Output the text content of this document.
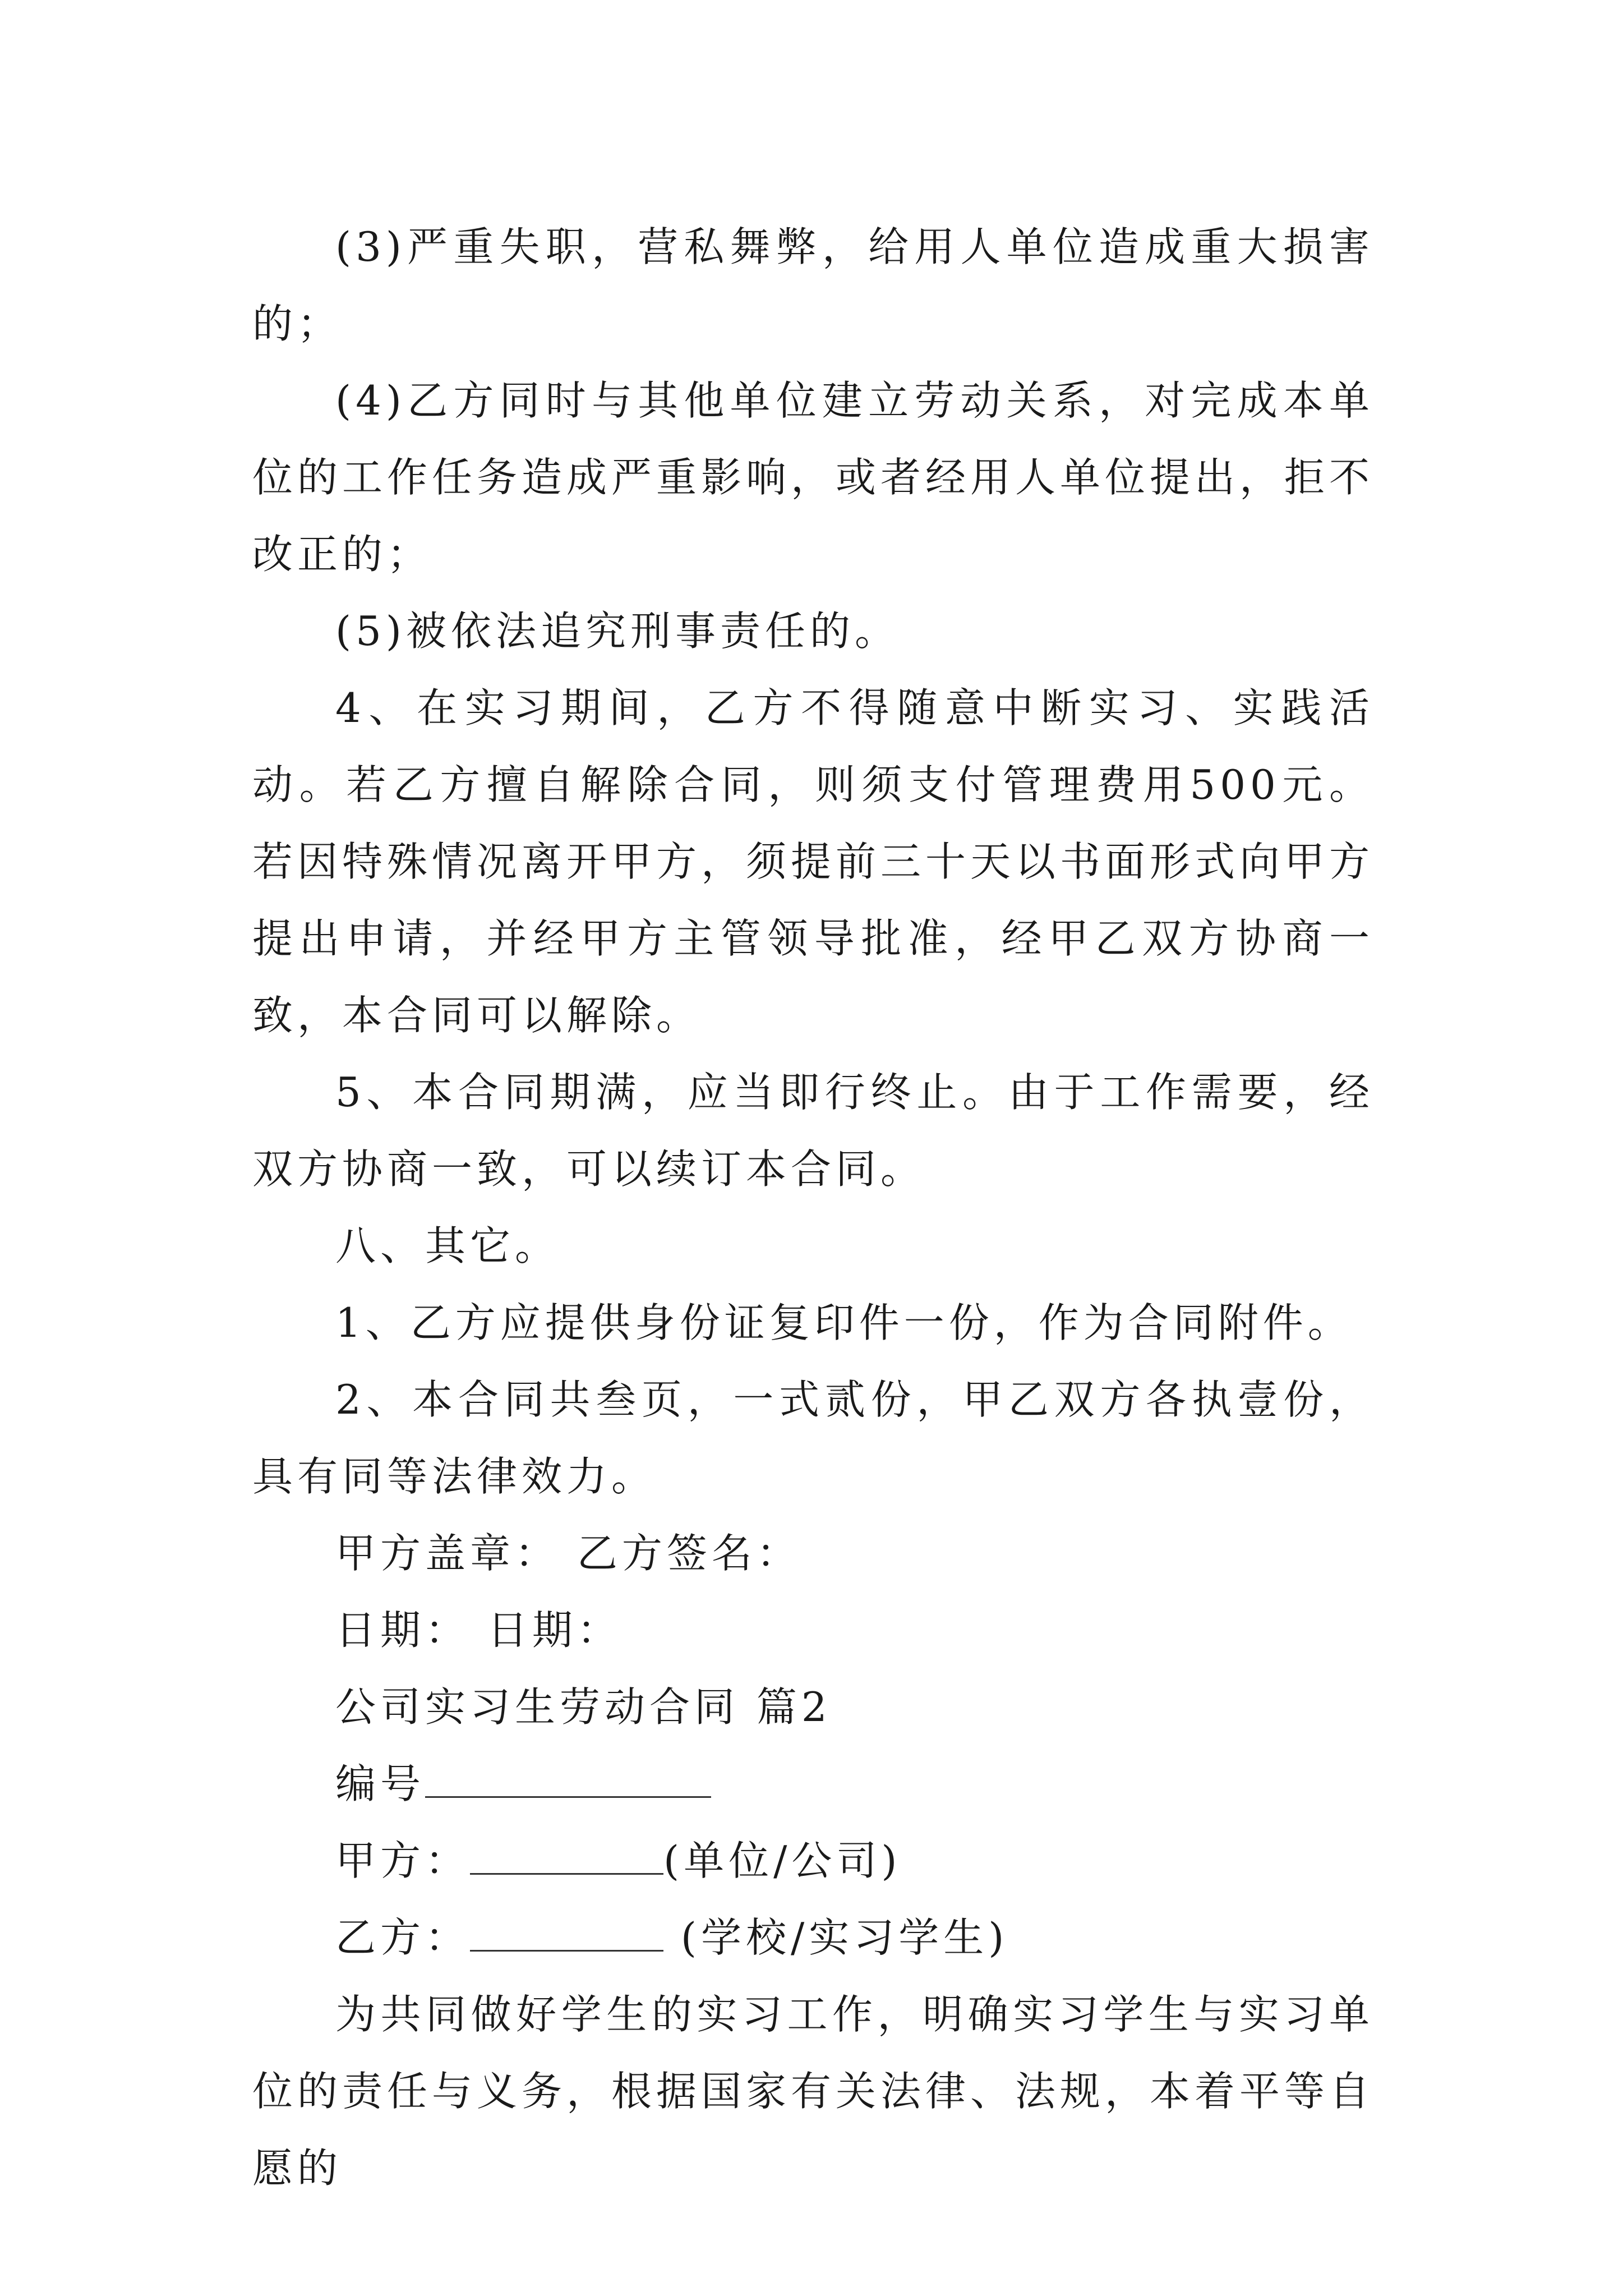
(3)严重失职，营私舞弊，给用人单位造成重大损害的；

(4)乙方同时与其他单位建立劳动关系，对完成本单位的工作任务造成严重影响，或者经用人单位提出，拒不改正的；

(5)被依法追究刑事责任的。

4、在实习期间，乙方不得随意中断实习、实践活动。若乙方擅自解除合同，则须支付管理费用500元。若因特殊情况离开甲方，须提前三十天以书面形式向甲方提出申请，并经甲方主管领导批准，经甲乙双方协商一致，本合同可以解除。

5、本合同期满，应当即行终止。由于工作需要，经双方协商一致，可以续订本合同。

八、其它。

1、乙方应提供身份证复印件一份，作为合同附件。

2、本合同共叁页，一式贰份，甲乙双方各执壹份，具有同等法律效力。

甲方盖章： 乙方签名：

日期： 日期：

公司实习生劳动合同 篇2

编号

甲方：	(单位/公司)

乙方：	(学校/实习学生)

为共同做好学生的实习工作，明确实习学生与实习单位的责任与义务，根据国家有关法律、法规，本着平等自愿的
